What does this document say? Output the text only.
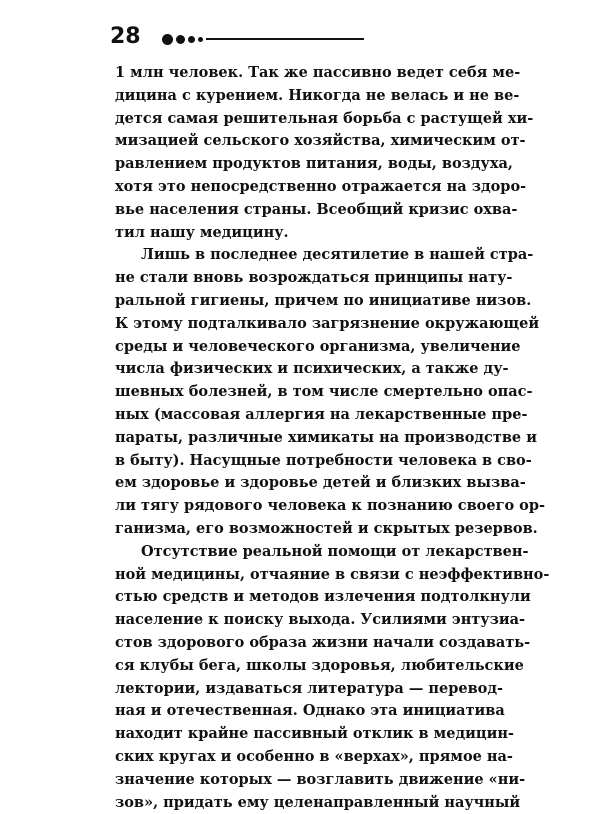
28
1 млн человек. Так же пассивно ведет себя ме-
дицина с курением. Никогда не велась и не ве-
дется самая решительная борьба с растущей хи-
мизацией сельского хозяйства, химическим от-
равлением продуктов питания, воды, воздуха,
хотя это непосредственно отражается на здоро-
вье населения страны. Всеобщий кризис охва-
тил нашу медицину.
Лишь в последнее десятилетие в нашей стра-
не стали вновь возрождаться принципы нату-
ральной гигиены, причем по инициативе низов.
К этому подталкивало загрязнение окружающей
среды и человеческого организма, увеличение
числа физических и психических, а также ду-
шевных болезней, в том числе смертельно опас-
ных (массовая аллергия на лекарственные пре-
параты, различные химикаты на производстве и
в быту). Насущные потребности человека в сво-
ем здоровье и здоровье детей и близких вызва-
ли тягу рядового человека к познанию своего ор-
ганизма, его возможностей и скрытых резервов.
Отсутствие реальной помощи от лекарствен-
ной медицины, отчаяние в связи с неэффективно-
стью средств и методов излечения подтолкнули
население к поиску выхода. Усилиями энтузиа-
стов здорового образа жизни начали создавать-
ся клубы бега, школы здоровья, любительские
лектории, издаваться литература — перевод-
ная и отечественная. Однако эта инициатива
находит крайне пассивный отклик в медицин-
ских кругах и особенно в «верхах», прямое на-
значение которых — возглавить движение «ни-
зов», придать ему целенаправленный научный
